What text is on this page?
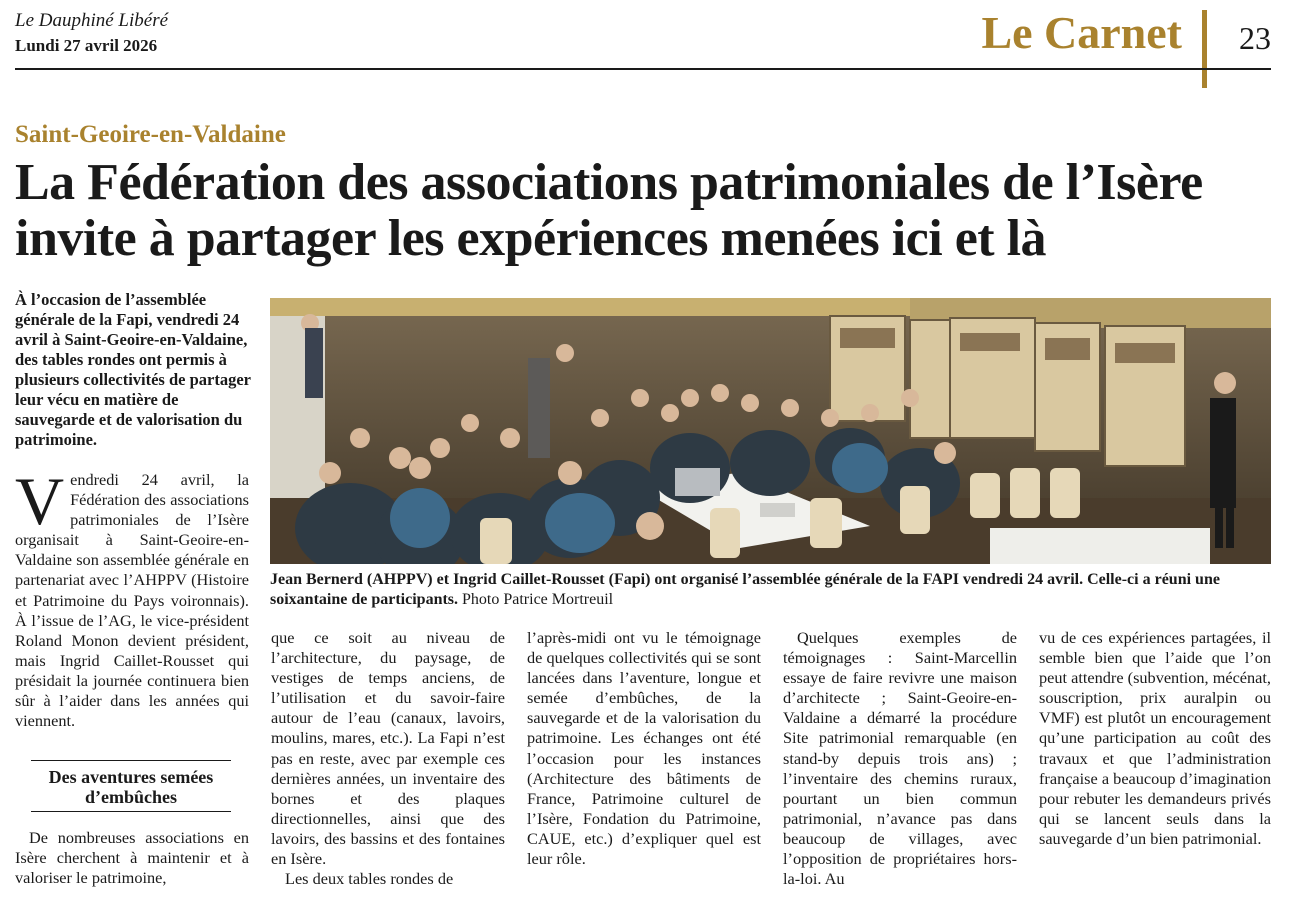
Le Dauphiné Libéré
Lundi 27 avril 2026	Le Carnet	23
Saint-Geoire-en-Valdaine
La Fédération des associations patrimoniales de l’Isère
invite à partager les expériences menées ici et là
À l’occasion de l’assemblée générale de la Fapi, vendredi 24 avril à Saint-Geoire-en-Valdaine, des tables rondes ont permis à plusieurs collectivités de partager leur vécu en matière de sauvegarde et de valorisation du patrimoine.
V endredi 24 avril, la Fédération des associations patrimoniales de l’Isère organisait à Saint-Geoire-en-Valdaine son assemblée générale en partenariat avec l’AHPPV (Histoire et Patrimoine du Pays voironnais). À l’issue de l’AG, le vice-président Roland Monon devient président, mais Ingrid Caillet-Rousset qui présidait la journée continuera bien sûr à l’aider dans les années qui viennent.

Des aventures semées d’embûches

De nombreuses associations en Isère cherchent à maintenir et à valoriser le patrimoine,

Jean Bernerd (AHPPV) et Ingrid Caillet-Rousset (Fapi) ont organisé l’assemblée générale de la FAPI vendredi 24 avril. Celle-ci a réuni une soixantaine de participants. Photo Patrice Mortreuil

que ce soit au niveau de l’architecture, du paysage, de vestiges de temps anciens, de l’utilisation et du savoir-faire autour de l’eau (canaux, lavoirs, moulins, mares, etc.). La Fapi n’est pas en reste, avec par exemple ces dernières années, un inventaire des bornes et des plaques directionnelles, ainsi que des lavoirs, des bassins et des fontaines en Isère.

Les deux tables rondes de

l’après-midi ont vu le témoignage de quelques collectivités qui se sont lancées dans l’aventure, longue et semée d’embûches, de la sauvegarde et de la valorisation du patrimoine. Les échanges ont été l’occasion pour les instances (Architecture des bâtiments de France, Patrimoine culturel de l’Isère, Fondation du Patrimoine, CAUE, etc.) d’expliquer quel est leur rôle.

Quelques exemples de témoignages : Saint-Marcellin essaye de faire revivre une maison d’architecte ; Saint-Geoire-en-Valdaine a démarré la procédure Site patrimonial remarquable (en stand-by depuis trois ans) ; l’inventaire des chemins ruraux, pourtant un bien commun patrimonial, n’avance pas dans beaucoup de villages, avec l’opposition de propriétaires hors-la-loi. Au

vu de ces expériences partagées, il semble bien que l’aide que l’on peut attendre (subvention, mécénat, souscription, prix auralpin ou VMF) est plutôt un encouragement qu’une participation au coût des travaux et que l’administration française a beaucoup d’imagination pour rebuter les demandeurs privés qui se lancent seuls dans la sauvegarde d’un bien patrimonial.
